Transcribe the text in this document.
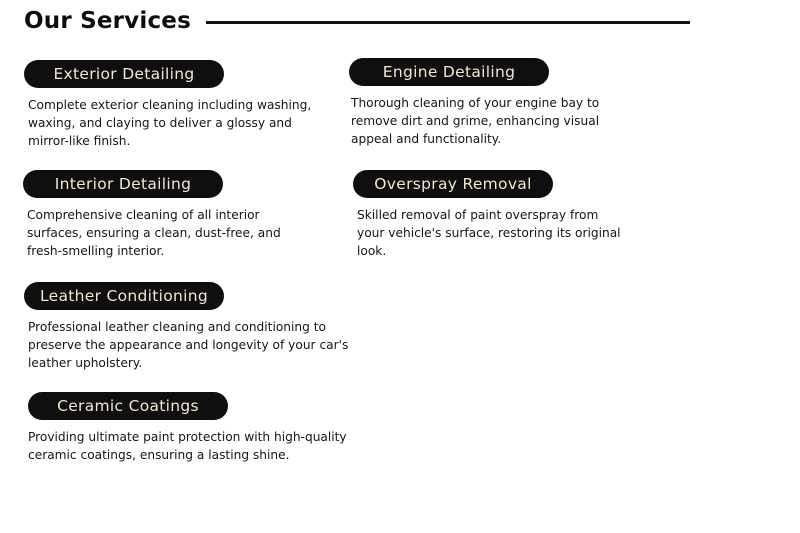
Our Services
Exterior Detailing
Complete exterior cleaning including washing,
waxing, and claying to deliver a glossy and
mirror-like finish.
Engine Detailing
Thorough cleaning of your engine bay to
remove dirt and grime, enhancing visual
appeal and functionality.
Interior Detailing
Comprehensive cleaning of all interior
surfaces, ensuring a clean, dust-free, and
fresh-smelling interior.
Overspray Removal
Skilled removal of paint overspray from
your vehicle's surface, restoring its original
look.
Leather Conditioning
Professional leather cleaning and conditioning to
preserve the appearance and longevity of your car's
leather upholstery.
Ceramic Coatings
Providing ultimate paint protection with high-quality
ceramic coatings, ensuring a lasting shine.
